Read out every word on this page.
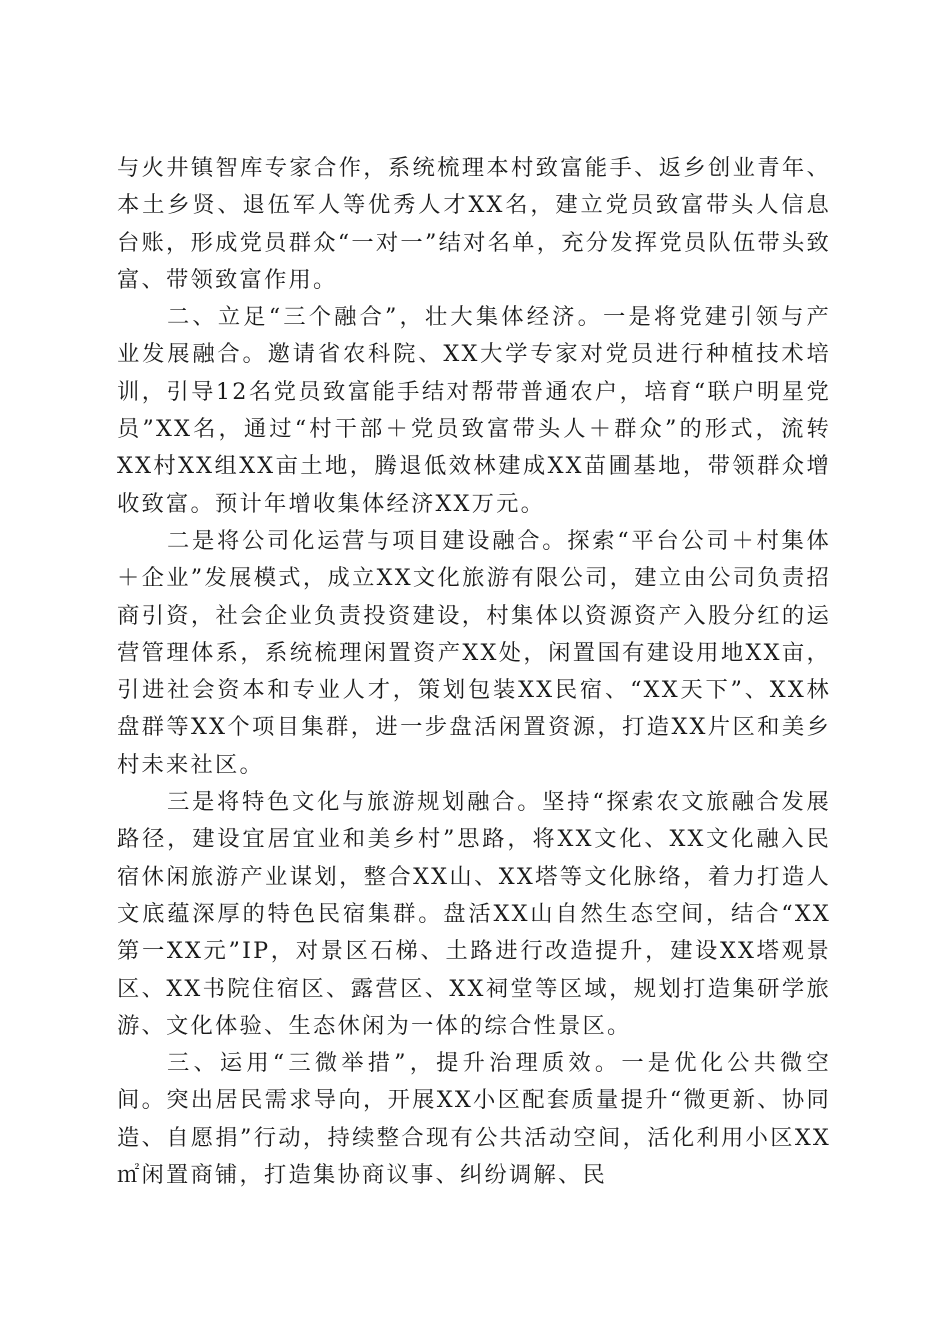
与火井镇智库专家合作，系统梳理本村致富能手、返乡创业青年、本土乡贤、退伍军人等优秀人才XX名，建立党员致富带头人信息台账，形成党员群众“一对一”结对名单，充分发挥党员队伍带头致富、带领致富作用。

二、立足“三个融合”，壮大集体经济。一是将党建引领与产业发展融合。邀请省农科院、XX大学专家对党员进行种植技术培训，引导12名党员致富能手结对帮带普通农户，培育“联户明星党员”XX名，通过“村干部＋党员致富带头人＋群众”的形式，流转XX村XX组XX亩土地，腾退低效林建成XX苗圃基地，带领群众增收致富。预计年增收集体经济XX万元。

二是将公司化运营与项目建设融合。探索“平台公司＋村集体＋企业”发展模式，成立XX文化旅游有限公司，建立由公司负责招商引资，社会企业负责投资建设，村集体以资源资产入股分红的运营管理体系，系统梳理闲置资产XX处，闲置国有建设用地XX亩，引进社会资本和专业人才，策划包装XX民宿、“XX天下”、XX林盘群等XX个项目集群，进一步盘活闲置资源，打造XX片区和美乡村未来社区。

三是将特色文化与旅游规划融合。坚持“探索农文旅融合发展路径，建设宜居宜业和美乡村”思路，将XX文化、XX文化融入民宿休闲旅游产业谋划，整合XX山、XX塔等文化脉络，着力打造人文底蕴深厚的特色民宿集群。盘活XX山自然生态空间，结合“XX第一XX元”IP，对景区石梯、土路进行改造提升，建设XX塔观景区、XX书院住宿区、露营区、XX祠堂等区域，规划打造集研学旅游、文化体验、生态休闲为一体的综合性景区。

三、运用“三微举措”，提升治理质效。一是优化公共微空间。突出居民需求导向，开展XX小区配套质量提升“微更新、协同造、自愿捐”行动，持续整合现有公共活动空间，活化利用小区XX㎡闲置商铺，打造集协商议事、纠纷调解、民
